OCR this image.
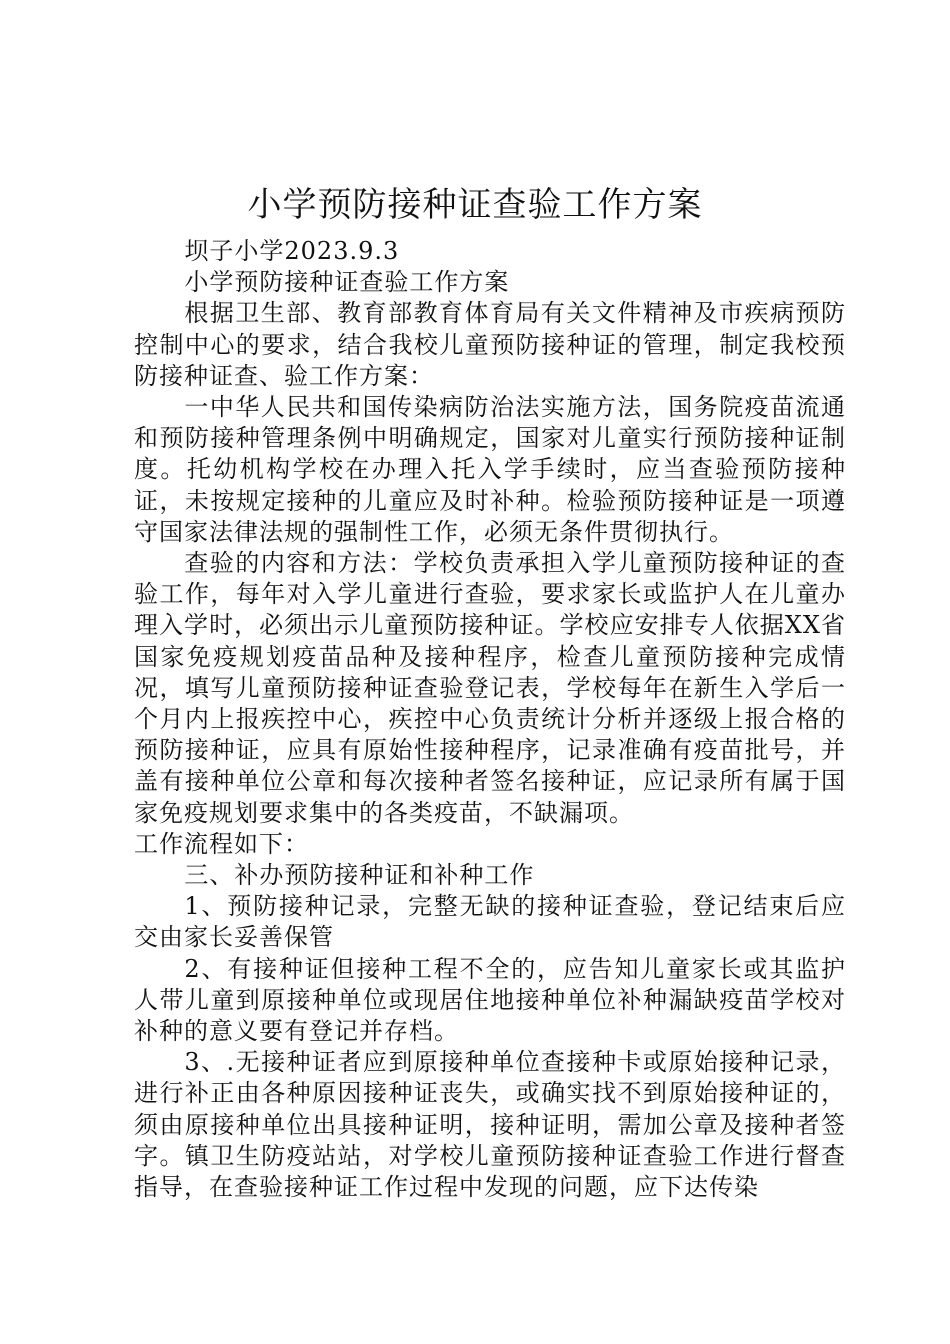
小学预防接种证查验工作方案

坝子小学2023.9.3

小学预防接种证查验工作方案

根据卫生部、教育部教育体育局有关文件精神及市疾病预防控制中心的要求，结合我校儿童预防接种证的管理，制定我校预防接种证查、验工作方案：

一中华人民共和国传染病防治法实施方法，国务院疫苗流通和预防接种管理条例中明确规定，国家对儿童实行预防接种证制度。托幼机构学校在办理入托入学手续时，应当查验预防接种证，未按规定接种的儿童应及时补种。检验预防接种证是一项遵守国家法律法规的强制性工作，必须无条件贯彻执行。

查验的内容和方法：学校负责承担入学儿童预防接种证的查验工作，每年对入学儿童进行查验，要求家长或监护人在儿童办理入学时，必须出示儿童预防接种证。学校应安排专人依据XX省国家免疫规划疫苗品种及接种程序，检查儿童预防接种完成情况，填写儿童预防接种证查验登记表，学校每年在新生入学后一个月内上报疾控中心，疾控中心负责统计分析并逐级上报合格的预防接种证，应具有原始性接种程序，记录准确有疫苗批号，并盖有接种单位公章和每次接种者签名接种证，应记录所有属于国家免疫规划要求集中的各类疫苗，不缺漏项。

工作流程如下：

三、补办预防接种证和补种工作

1、预防接种记录，完整无缺的接种证查验，登记结束后应交由家长妥善保管

2、有接种证但接种工程不全的，应告知儿童家长或其监护人带儿童到原接种单位或现居住地接种单位补种漏缺疫苗学校对补种的意义要有登记并存档。

3、.无接种证者应到原接种单位查接种卡或原始接种记录，进行补正由各种原因接种证丧失，或确实找不到原始接种证的，须由原接种单位出具接种证明，接种证明，需加公章及接种者签字。镇卫生防疫站站，对学校儿童预防接种证查验工作进行督查指导，在查验接种证工作过程中发现的问题，应下达传染
